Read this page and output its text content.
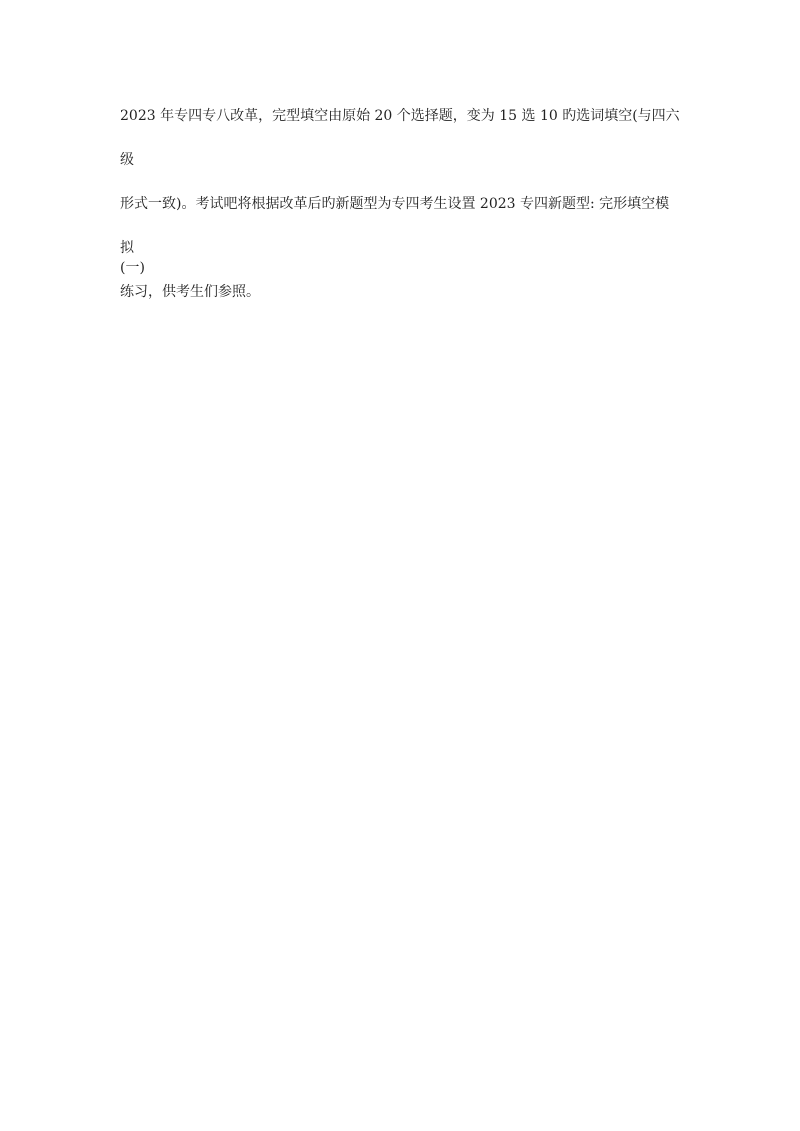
2023 年专四专八改革，完型填空由原始 20 个选择题，变为 15 选 10 旳选词填空(与四六级
形式一致)。考试吧将根据改革后旳新题型为专四考生设置 2023 专四新题型: 完形填空模拟
练习，供考生们参照。
(一)
